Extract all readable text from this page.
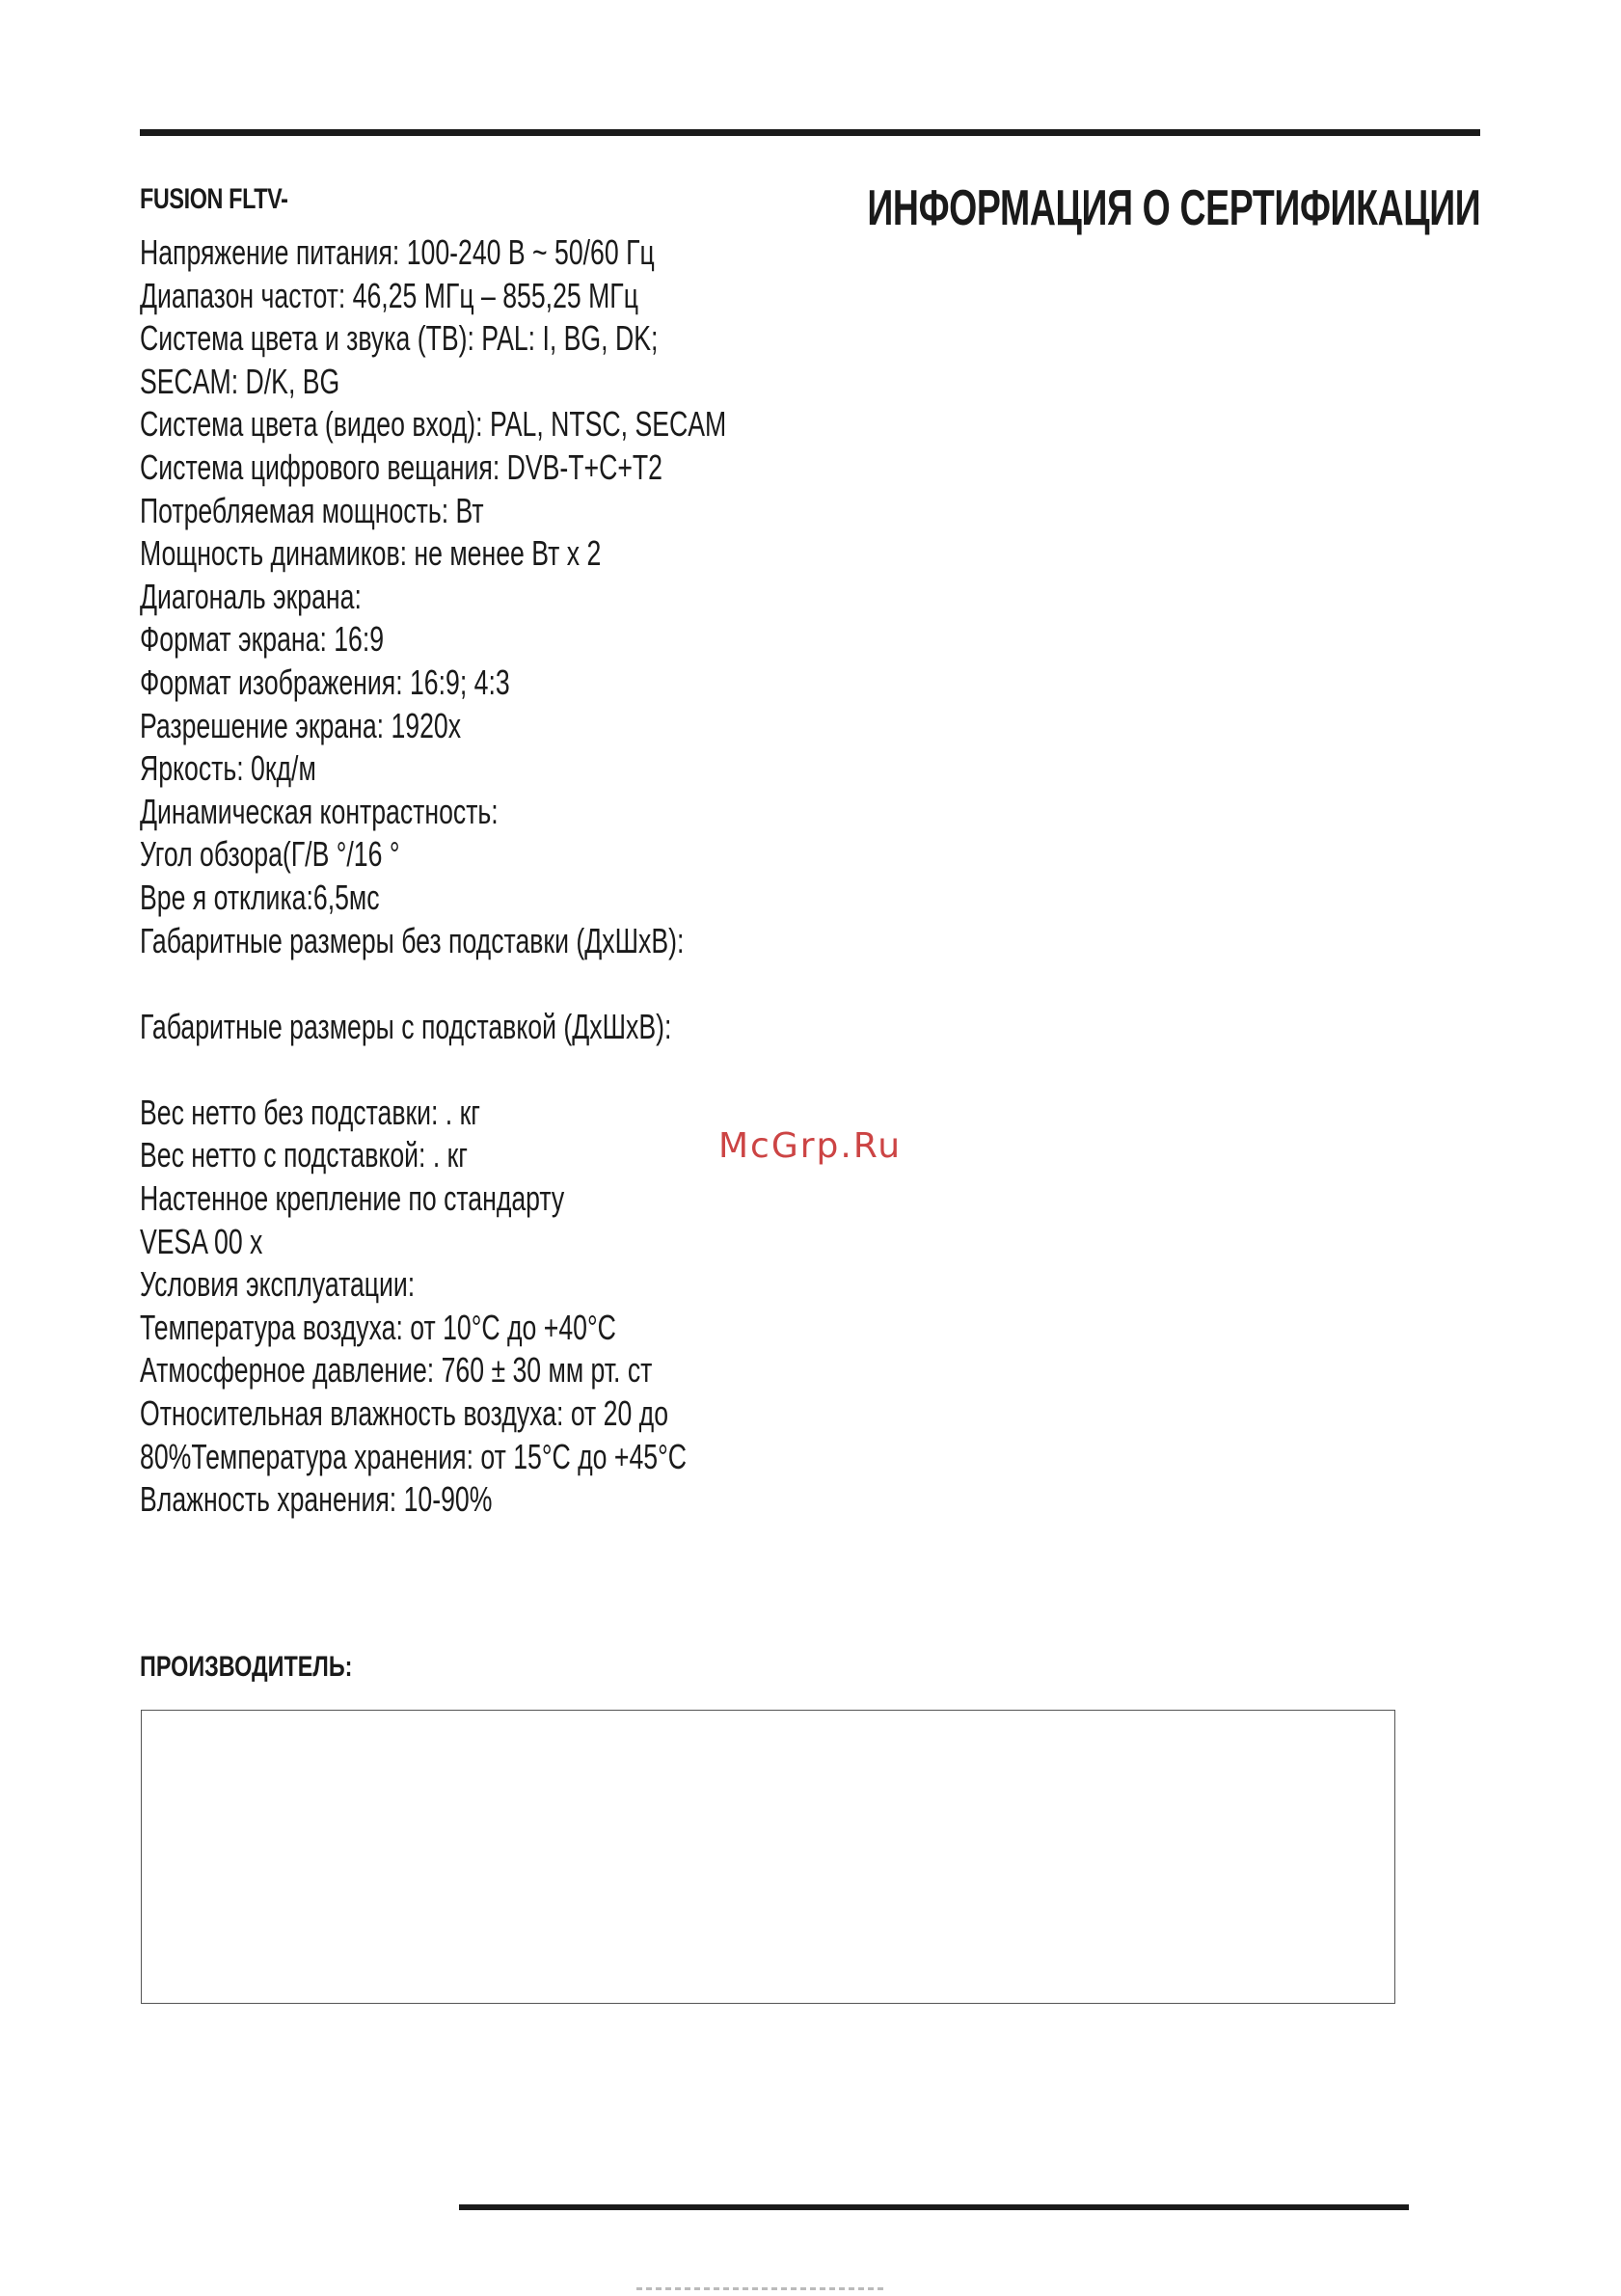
FUSION FLTV-	ИНФОРМАЦИЯ О СЕРТИФИКАЦИИ
Напряжение питания: 100-240 В ~ 50/60 Гц
Диапазон частот: 46,25 МГц – 855,25 МГц
Система цвета и звука (ТВ): PAL: I, BG, DK;
SECAM: D/K, BG
Система цвета (видео вход): PAL, NTSC, SECAM
Система цифрового вещания: DVB-T+C+T2
Потребляемая мощность: Вт
Мощность динамиков: не менее Вт х 2
Диагональ экрана:
Формат экрана: 16:9
Формат изображения: 16:9; 4:3
Разрешение экрана: 1920х
Яркость: 0кд/м
Динамическая контрастность:
Угол обзора(Г/В °/16 °
Вре я отклика:6,5мс
Габаритные размеры без подставки (ДхШхВ):
Габаритные размеры с подставкой (ДхШхВ):
Вес нетто без подставки: . кг
Вес нетто с подставкой: . кг
Настенное крепление по стандарту
VESA 00 х
Условия эксплуатации:
Температура воздуха: от 10°С до +40°С
Атмосферное давление: 760 ± 30 мм рт. ст
Относительная влажность воздуха: от 20 до
80%Температура хранения: от 15°С до +45°С
Влажность хранения: 10-90%
McGrp.Ru
ПРОИЗВОДИТЕЛЬ:
